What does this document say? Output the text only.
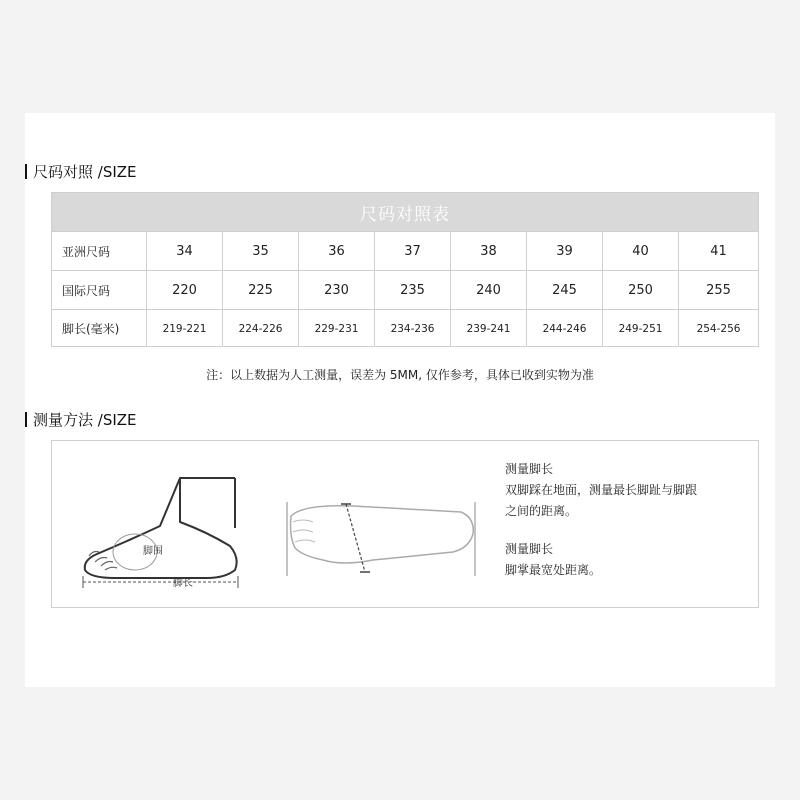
尺码对照 /SIZE
尺码对照表
亚洲尺码	34	35	36	37	38	39	40	41
国际尺码	220	225	230	235	240	245	250	255
脚长(毫米)	219-221	224-226	229-231	234-236	239-241	244-246	249-251	254-256
注：以上数据为人工测量，误差为 5MM, 仅作参考，具体已收到实物为准
测量方法 /SIZE
脚围
脚长
测量脚长
双脚踩在地面，测量最长脚趾与脚跟
之间的距离。
测量脚长
脚掌最宽处距离。
